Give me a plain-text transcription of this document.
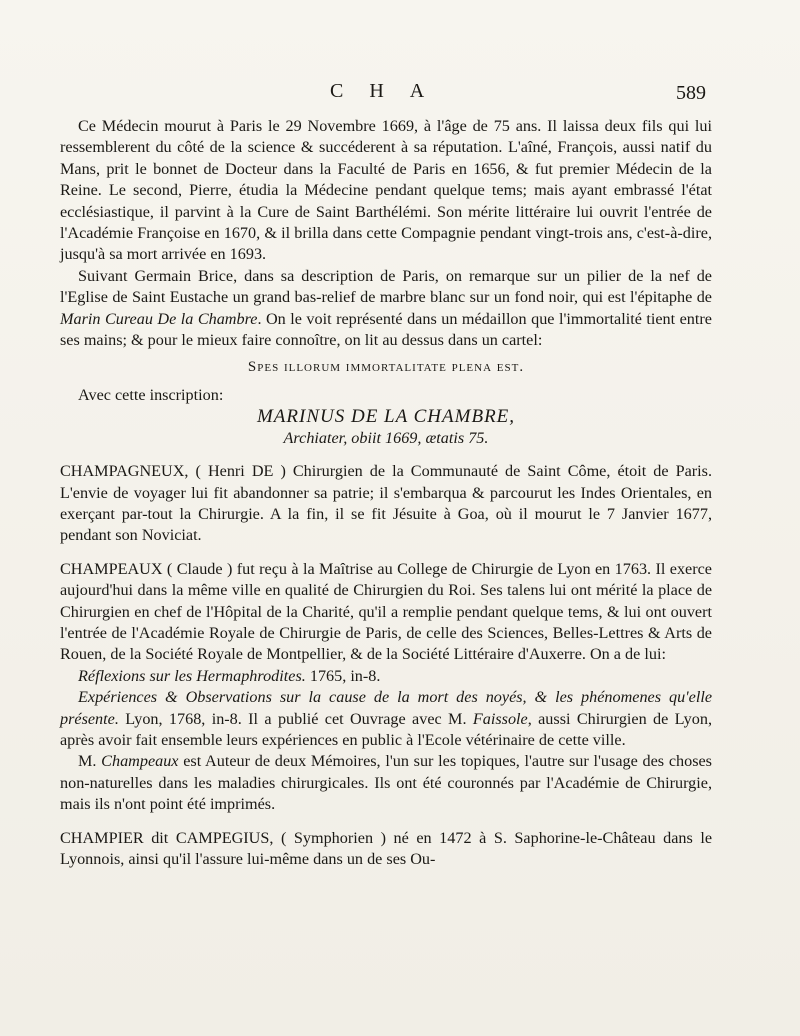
CHA	589

Ce Médecin mourut à Paris le 29 Novembre 1669, à l'âge de 75 ans. Il laissa deux fils qui lui ressemblerent du côté de la science & succéderent à sa réputation. L'aîné, François, aussi natif du Mans, prit le bonnet de Docteur dans la Faculté de Paris en 1656, & fut premier Médecin de la Reine. Le second, Pierre, étudia la Médecine pendant quelque tems; mais ayant embrassé l'état ecclésiastique, il parvint à la Cure de Saint Barthélémi. Son mérite littéraire lui ouvrit l'entrée de l'Académie Françoise en 1670, & il brilla dans cette Compagnie pendant vingt-trois ans, c'est-à-dire, jusqu'à sa mort arrivée en 1693.

Suivant Germain Brice, dans sa description de Paris, on remarque sur un pilier de la nef de l'Eglise de Saint Eustache un grand bas-relief de marbre blanc sur un fond noir, qui est l'épitaphe de Marin Cureau De la Chambre. On le voit représenté dans un médaillon que l'immortalité tient entre ses mains; & pour le mieux faire connoître, on lit au dessus dans un cartel:

Spes illorum immortalitate plena est.

Avec cette inscription:

MARINUS DE LA CHAMBRE,

Archiater, obiit 1669, ætatis 75.

CHAMPAGNEUX, ( Henri DE ) Chirurgien de la Communauté de Saint Côme, étoit de Paris. L'envie de voyager lui fit abandonner sa patrie; il s'embarqua & parcourut les Indes Orientales, en exerçant par-tout la Chirurgie. A la fin, il se fit Jésuite à Goa, où il mourut le 7 Janvier 1677, pendant son Noviciat.

CHAMPEAUX ( Claude ) fut reçu à la Maîtrise au College de Chirurgie de Lyon en 1763. Il exerce aujourd'hui dans la même ville en qualité de Chirurgien du Roi. Ses talens lui ont mérité la place de Chirurgien en chef de l'Hôpital de la Charité, qu'il a remplie pendant quelque tems, & lui ont ouvert l'entrée de l'Académie Royale de Chirurgie de Paris, de celle des Sciences, Belles-Lettres & Arts de Rouen, de la Société Royale de Montpellier, & de la Société Littéraire d'Auxerre. On a de lui:

Réflexions sur les Hermaphrodites. 1765, in-8.

Expériences & Observations sur la cause de la mort des noyés, & les phénomenes qu'elle présente. Lyon, 1768, in-8. Il a publié cet Ouvrage avec M. Faissole, aussi Chirurgien de Lyon, après avoir fait ensemble leurs expériences en public à l'Ecole vétérinaire de cette ville.

M. Champeaux est Auteur de deux Mémoires, l'un sur les topiques, l'autre sur l'usage des choses non-naturelles dans les maladies chirurgicales. Ils ont été couronnés par l'Académie de Chirurgie, mais ils n'ont point été imprimés.

CHAMPIER dit CAMPEGIUS, ( Symphorien ) né en 1472 à S. Saphorine-le-Château dans le Lyonnois, ainsi qu'il l'assure lui-même dans un de ses Ou-
